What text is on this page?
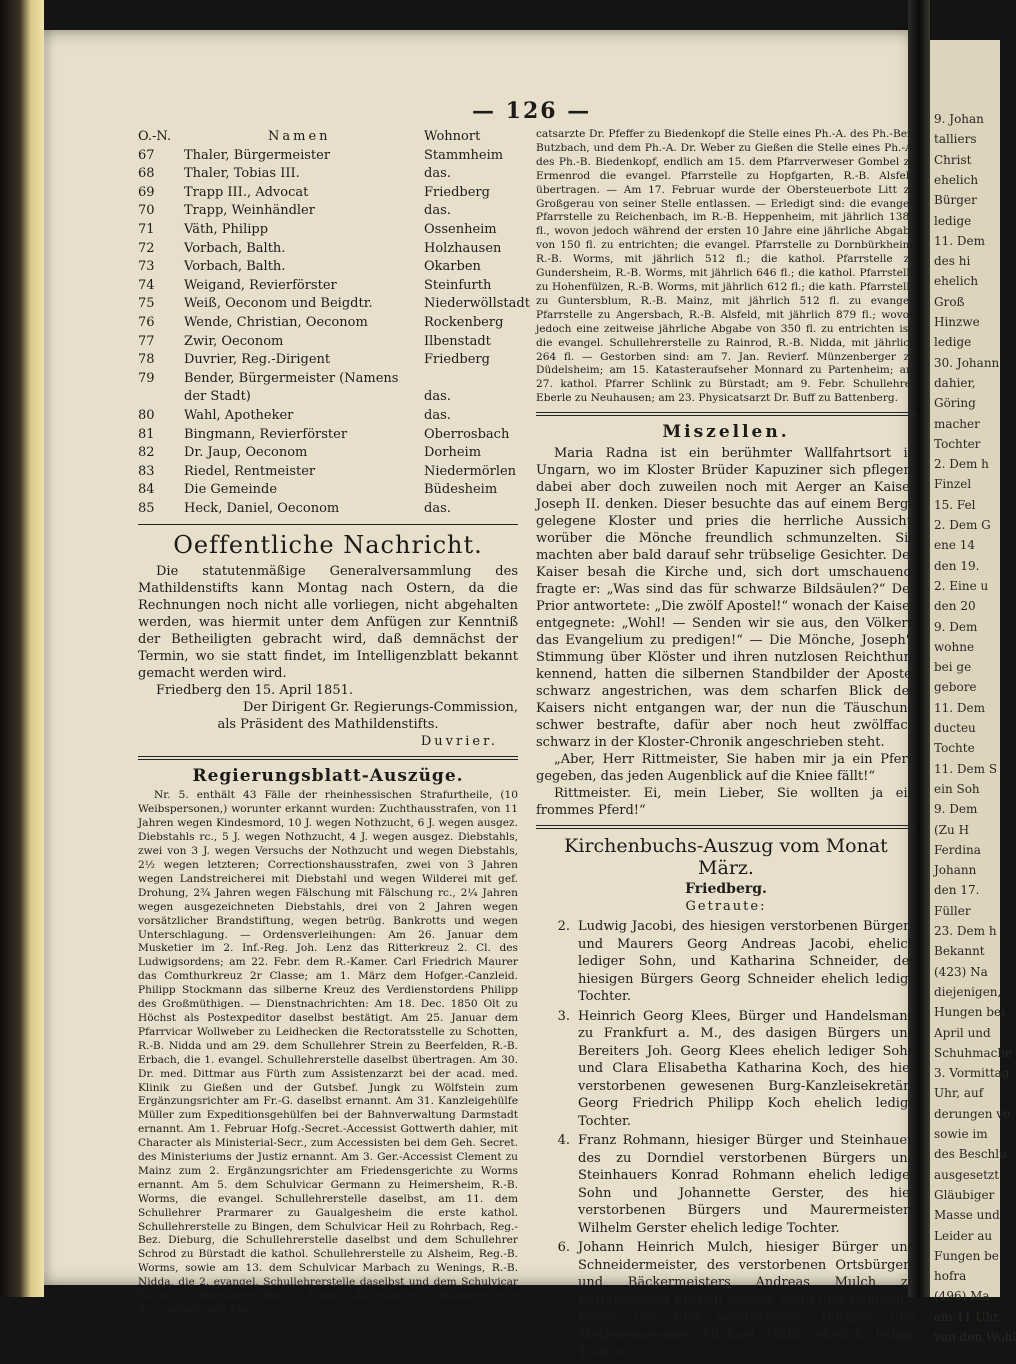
9. Johan
talliers
Christ
ehelich
Bürger
ledige
11. Dem
des hi
ehelich
Groß
Hinzwe
ledige
30. Johann
dahier,
Göring
macher
Tochter
2. Dem h
Finzel
15. Fel
2. Dem G
ene 14
den 19.
2. Eine u
den 20
9. Dem
wohne
bei ge
gebore
11. Dem
ducteu
Tochte
11. Dem S
ein Soh
9. Dem
(Zu H
Ferdina
Johann
den 17.
Füller
23. Dem h
Bekannt
(423) Na
diejenigen,
Hungen bei
April und
Schuhmache
3. Vormittag
Uhr, auf
derungen vo
sowie im
des Beschlu
ausgesetzt
Gläubiger
Masse und
Leider au
Fungen be
hofra
(496) Ma
am 11 Uhr,
von den Wohl
— 126 —
O.-N.	Namen	Wohnort
67	Thaler, Bürgermeister	Stammheim
68	Thaler, Tobias III.	das.
69	Trapp III., Advocat	Friedberg
70	Trapp, Weinhändler	das.
71	Väth, Philipp	Ossenheim
72	Vorbach, Balth.	Holzhausen
73	Vorbach, Balth.	Okarben
74	Weigand, Revierförster	Steinfurth
75	Weiß, Oeconom und Beigdtr.	Niederwöllstadt
76	Wende, Christian, Oeconom	Rockenberg
77	Zwir, Oeconom	Ilbenstadt
78	Duvrier, Reg.-Dirigent	Friedberg
79	Bender, Bürgermeister (Namens
der Stadt)	das.
80	Wahl, Apotheker	das.
81	Bingmann, Revierförster	Oberrosbach
82	Dr. Jaup, Oeconom	Dorheim
83	Riedel, Rentmeister	Niedermörlen
84	Die Gemeinde	Büdesheim
85	Heck, Daniel, Oeconom	das.
Oeffentliche Nachricht.

Die statutenmäßige Generalversammlung des Mathildenstifts kann Montag nach Ostern, da die Rechnungen noch nicht alle vorliegen, nicht abgehalten werden, was hiermit unter dem Anfügen zur Kenntniß der Betheiligten gebracht wird, daß demnächst der Termin, wo sie statt findet, im Intelligenzblatt bekannt gemacht werden wird.

Friedberg den 15. April 1851.

Der Dirigent Gr. Regierungs-Commission,
als Präsident des Mathildenstifts.
Duvrier.
Regierungsblatt-Auszüge.

Nr. 5. enthält 43 Fälle der rheinhessischen Strafurtheile, (10 Weibspersonen,) worunter erkannt wurden: Zuchthausstrafen, von 11 Jahren wegen Kindesmord, 10 J. wegen Nothzucht, 6 J. wegen ausgez. Diebstahls rc., 5 J. wegen Nothzucht, 4 J. wegen ausgez. Diebstahls, zwei von 3 J. wegen Versuchs der Nothzucht und wegen Diebstahls, 2½ wegen letzteren; Correctionshausstrafen, zwei von 3 Jahren wegen Landstreicherei mit Diebstahl und wegen Wilderei mit gef. Drohung, 2¾ Jahren wegen Fälschung mit Fälschung rc., 2¼ Jahren wegen ausgezeichneten Diebstahls, drei von 2 Jahren wegen vorsätzlicher Brandstiftung, wegen betrüg. Bankrotts und wegen Unterschlagung. — Ordensverleihungen: Am 26. Januar dem Musketier im 2. Inf.-Reg. Joh. Lenz das Ritterkreuz 2. Cl. des Ludwigsordens; am 22. Febr. dem R.-Kamer. Carl Friedrich Maurer das Comthurkreuz 2r Classe; am 1. März dem Hofger.-Canzleid. Philipp Stockmann das silberne Kreuz des Verdienstordens Philipp des Großmüthigen. — Dienstnachrichten: Am 18. Dec. 1850 Olt zu Höchst als Postexpeditor daselbst bestätigt. Am 25. Januar dem Pfarrvicar Wollweber zu Leidhecken die Rectoratsstelle zu Schotten, R.-B. Nidda und am 29. dem Schullehrer Strein zu Beerfelden, R.-B. Erbach, die 1. evangel. Schullehrerstelle daselbst übertragen. Am 30. Dr. med. Dittmar aus Fürth zum Assistenzarzt bei der acad. med. Klinik zu Gießen und der Gutsbef. Jungk zu Wölfstein zum Ergänzungsrichter am Fr.-G. daselbst ernannt. Am 31. Kanzleigehülfe Müller zum Expeditionsgehülfen bei der Bahnverwaltung Darmstadt ernannt. Am 1. Februar Hofg.-Secret.-Accessist Gottwerth dahier, mit Character als Ministerial-Secr., zum Accessisten bei dem Geh. Secret. des Ministeriums der Justiz ernannt. Am 3. Ger.-Accessist Clement zu Mainz zum 2. Ergänzungsrichter am Friedensgerichte zu Worms ernannt. Am 5. dem Schulvicar Germann zu Heimersheim, R.-B. Worms, die evangel. Schullehrerstelle daselbst, am 11. dem Schullehrer Prarmarer zu Gaualgesheim die erste kathol. Schullehrerstelle zu Bingen, dem Schulvicar Heil zu Rohrbach, Reg.-Bez. Dieburg, die Schullehrerstelle daselbst und dem Schullehrer Schrod zu Bürstadt die kathol. Schullehrerstelle zu Alsheim, Reg.-B. Worms, sowie am 13. dem Schulvicar Marbach zu Wenings, R.-B. Nidda, die 2. evangel. Schullehrerstelle daselbst und dem Schulvicar Rauch zu Oberostern, Reg.-B. Erbach, die evangel. Schullehrerstelle das.; ferner dem Physi-

catsarzte Dr. Pfeffer zu Biedenkopf die Stelle eines Ph.-A. des Ph.-Bez. Butzbach, und dem Ph.-A. Dr. Weber zu Gießen die Stelle eines Ph.-A. des Ph.-B. Biedenkopf, endlich am 15. dem Pfarrverweser Gombel zu Ermenrod die evangel. Pfarrstelle zu Hopfgarten, R.-B. Alsfeld übertragen. — Am 17. Februar wurde der Obersteuerbote Litt zu Großgerau von seiner Stelle entlassen. — Erledigt sind: die evangel. Pfarrstelle zu Reichenbach, im R.-B. Heppenheim, mit jährlich 1383 fl., wovon jedoch während der ersten 10 Jahre eine jährliche Abgabe von 150 fl. zu entrichten; die evangel. Pfarrstelle zu Dornbürkheim, R.-B. Worms, mit jährlich 512 fl.; die kathol. Pfarrstelle zu Gundersheim, R.-B. Worms, mit jährlich 646 fl.; die kathol. Pfarrstelle zu Hohenfülzen, R.-B. Worms, mit jährlich 612 fl.; die kath. Pfarrstelle zu Guntersblum, R.-B. Mainz, mit jährlich 512 fl. zu evangel. Pfarrstelle zu Angersbach, R.-B. Alsfeld, mit jährlich 879 fl.; wovon jedoch eine zeitweise jährliche Abgabe von 350 fl. zu entrichten ist; die evangel. Schullehrerstelle zu Rainrod, R.-B. Nidda, mit jährlich 264 fl. — Gestorben sind: am 7. Jan. Revierf. Münzenberger zu Düdelsheim; am 15. Katasteraufseher Monnard zu Partenheim; am 27. kathol. Pfarrer Schlink zu Bürstadt; am 9. Febr. Schullehrer Eberle zu Neuhausen; am 23. Physicatsarzt Dr. Buff zu Battenberg.

Miszellen.

Maria Radna ist ein berühmter Wallfahrtsort in Ungarn, wo im Kloster Brüder Kapuziner sich pflegen, dabei aber doch zuweilen noch mit Aerger an Kaiser Joseph II. denken. Dieser besuchte das auf einem Berge gelegene Kloster und pries die herrliche Aussicht, worüber die Mönche freundlich schmunzelten. Sie machten aber bald darauf sehr trübselige Gesichter. Der Kaiser besah die Kirche und, sich dort umschauend, fragte er: „Was sind das für schwarze Bildsäulen?“ Der Prior antwortete: „Die zwölf Apostel!“ wonach der Kaiser entgegnete: „Wohl! — Senden wir sie aus, den Völkern das Evangelium zu predigen!“ — Die Mönche, Joseph's Stimmung über Klöster und ihren nutzlosen Reichthum kennend, hatten die silbernen Standbilder der Apostel schwarz angestrichen, was dem scharfen Blick des Kaisers nicht entgangen war, der nun die Täuschung schwer bestrafte, dafür aber noch heut zwölffach schwarz in der Kloster-Chronik angeschrieben steht.

„Aber, Herr Rittmeister, Sie haben mir ja ein Pferd gegeben, das jeden Augenblick auf die Kniee fällt!“

Rittmeister. Ei, mein Lieber, Sie wollten ja ein frommes Pferd!“

Kirchenbuchs-Auszug vom Monat März.
Friedberg.
Getraute:
2. Ludwig Jacobi, des hiesigen verstorbenen Bürgers und Maurers Georg Andreas Jacobi, ehelich lediger Sohn, und Katharina Schneider, des hiesigen Bürgers Georg Schneider ehelich ledige Tochter.
3. Heinrich Georg Klees, Bürger und Handelsmann zu Frankfurt a. M., des dasigen Bürgers und Bereiters Joh. Georg Klees ehelich lediger Sohn und Clara Elisabetha Katharina Koch, des hier verstorbenen gewesenen Burg-Kanzleisekretärs Georg Friedrich Philipp Koch ehelich ledige Tochter.
4. Franz Rohmann, hiesiger Bürger und Steinhauer, des zu Dorndiel verstorbenen Bürgers und Steinhauers Konrad Rohmann ehelich lediger Sohn und Johannette Gerster, des hier verstorbenen Bürgers und Maurermeisters Wilhelm Gerster ehelich ledige Tochter.
6. Johann Heinrich Mulch, hiesiger Bürger und Schneidermeister, des verstorbenen Ortsbürgers und Bäckermeisters Andreas Mulch zu Bettenhausen ehelich lediger Sohn und Philippine Waltz, des hier verstorbenen Bürgers und Metzgermeisters Michael Waltz ehelich ledige Tochter.
